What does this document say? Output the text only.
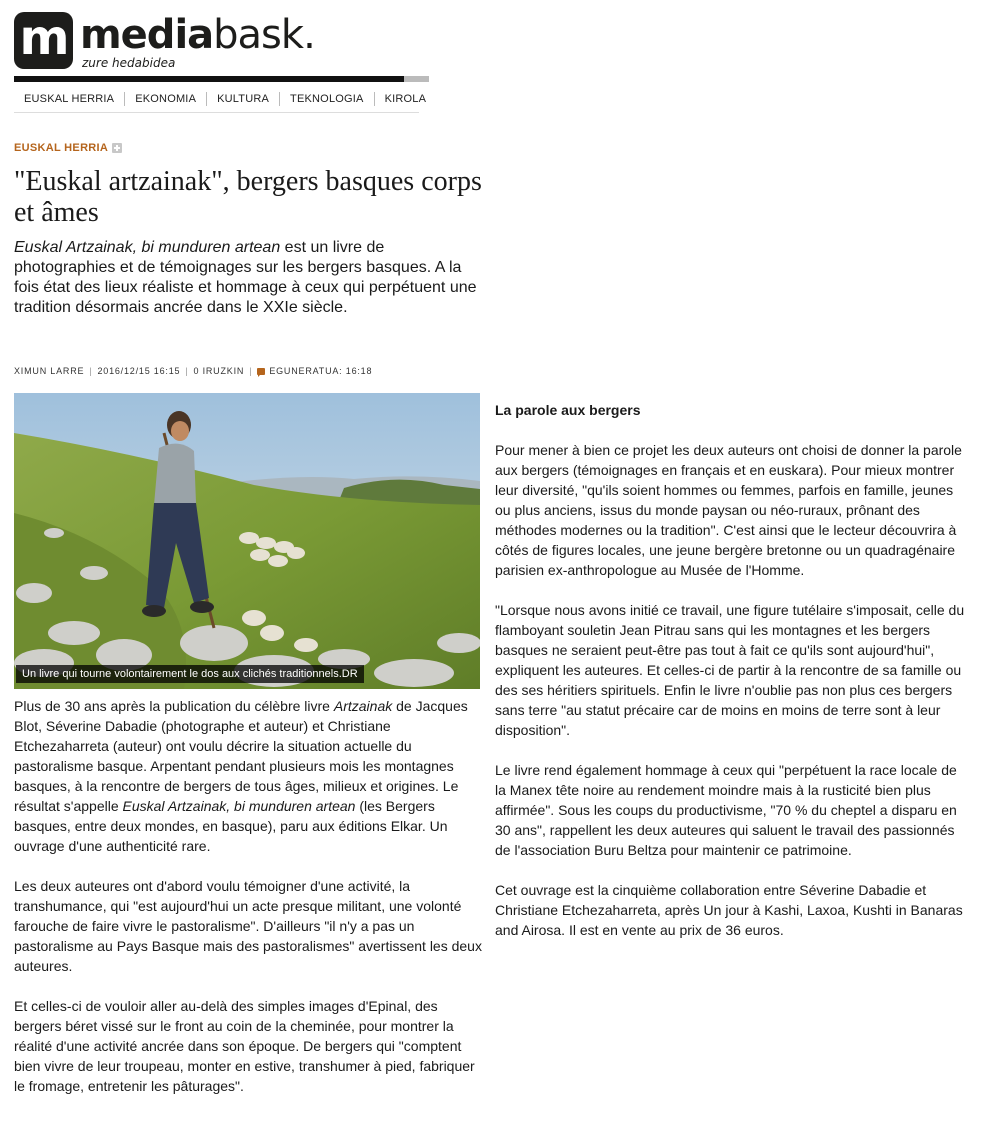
m mediabask.
zure hedabidea
EUSKAL HERRIA	EKONOMIA	KULTURA	TEKNOLOGIA	KIROLA
EUSKAL HERRIA
"Euskal artzainak", bergers basques corps et âmes

Euskal Artzainak, bi munduren artean est un livre de photographies et de témoignages sur les bergers basques. A la fois état des lieux réaliste et hommage à ceux qui perpétuent une tradition désormais ancrée dans le XXIe siècle.

XIMUN LARRE | 2016/12/15 16:15 | 0 IRUZKIN |	EGUNERATUA: 16:18
Un livre qui tourne volontairement le dos aux clichés traditionnels.DR

Plus de 30 ans après la publication du célèbre livre Artzainak de Jacques Blot, Séverine Dabadie (photographe et auteur) et Christiane Etchezaharreta (auteur) ont voulu décrire la situation actuelle du pastoralisme basque. Arpentant pendant plusieurs mois les montagnes basques, à la rencontre de bergers de tous âges, milieux et origines. Le résultat s'appelle Euskal Artzainak, bi munduren artean (les Bergers basques, entre deux mondes, en basque), paru aux éditions Elkar. Un ouvrage d'une authenticité rare.

Les deux auteures ont d'abord voulu témoigner d'une activité, la transhumance, qui "est aujourd'hui un acte presque militant, une volonté farouche de faire vivre le pastoralisme". D'ailleurs "il n'y a pas un pastoralisme au Pays Basque mais des pastoralismes" avertissent les deux auteures.

Et celles-ci de vouloir aller au-delà des simples images d'Epinal, des bergers béret vissé sur le front au coin de la cheminée, pour montrer la réalité d'une activité ancrée dans son époque. De bergers qui "comptent bien vivre de leur troupeau, monter en estive, transhumer à pied, fabriquer le fromage, entretenir les pâturages".

La parole aux bergers

Pour mener à bien ce projet les deux auteurs ont choisi de donner la parole aux bergers (témoignages en français et en euskara). Pour mieux montrer leur diversité, "qu'ils soient hommes ou femmes, parfois en famille, jeunes ou plus anciens, issus du monde paysan ou néo-ruraux, prônant des méthodes modernes ou la tradition". C'est ainsi que le lecteur découvrira à côtés de figures locales, une jeune bergère bretonne ou un quadragénaire parisien ex-anthropologue au Musée de l'Homme.

"Lorsque nous avons initié ce travail, une figure tutélaire s'imposait, celle du flamboyant souletin Jean Pitrau sans qui les montagnes et les bergers basques ne seraient peut-être pas tout à fait ce qu'ils sont aujourd'hui", expliquent les auteures. Et celles-ci de partir à la rencontre de sa famille ou des ses héritiers spirituels. Enfin le livre n'oublie pas non plus ces bergers sans terre "au statut précaire car de moins en moins de terre sont à leur disposition".

Le livre rend également hommage à ceux qui "perpétuent la race locale de la Manex tête noire au rendement moindre mais à la rusticité bien plus affirmée". Sous les coups du productivisme, "70 % du cheptel a disparu en 30 ans", rappellent les deux auteures qui saluent le travail des passionnés de l'association Buru Beltza pour maintenir ce patrimoine.

Cet ouvrage est la cinquième collaboration entre Séverine Dabadie et Christiane Etchezaharreta, après Un jour à Kashi, Laxoa, Kushti in Banaras and Airosa. Il est en vente au prix de 36 euros.
